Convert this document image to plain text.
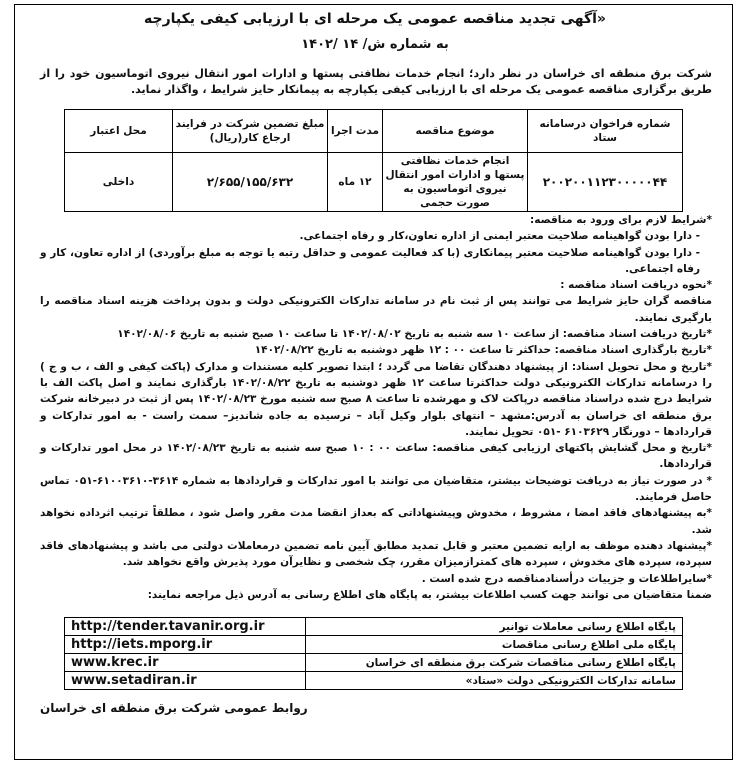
«آگهی تجدید مناقصه عمومی یک مرحله ای با ارزیابی کیفی یکپارچه
به شماره ش/ ۱۴ /۱۴۰۲
شرکت برق منطقه ای خراسان در نظر دارد؛ انجام خدمات نظافتی پستها و ادارات امور انتقال نیروی اتوماسیون خود را از طریق برگزاری مناقصه عمومی یک مرحله ای با ارزیابی کیفی یکپارچه به پیمانکار حایز شرایط ، واگذار نماید.
شماره فراخوان درسامانه ستاد	موضوع مناقصه	مدت اجرا	مبلغ تضمین شرکت در فرایند ارجاع کار(ریال)	محل اعتبار
۲۰۰۲۰۰۱۱۲۳۰۰۰۰۰۴۴	انجام خدمات نظافتی پستها و ادارات امور انتقال نیروی اتوماسیون به صورت حجمی	۱۲ ماه	۲/۶۵۵/۱۵۵/۶۳۲	داخلی

*شرایط لازم برای ورود به مناقصه:

- دارا بودن گواهینامه صلاحیت معتبر ایمنی از اداره تعاون،کار و رفاه اجتماعی.

- دارا بودن گواهینامه صلاحیت معتبر پیمانکاری (با کد فعالیت عمومی و حداقل رتبه یا توجه به مبلغ برآوردی) از اداره تعاون، کار و رفاه اجتماعی.

*نحوه دریافت اسناد مناقصه :

مناقصه گران حایز شرایط می توانند پس از ثبت نام در سامانه تدارکات الکترونیکی دولت و بدون پرداخت هزینه اسناد مناقصه را بارگیری نمایند.

*تاریخ دریافت اسناد مناقصه: از ساعت ۱۰ سه شنبه به تاریخ ۱۴۰۲/۰۸/۰۲ تا ساعت ۱۰ صبح شنبه به تاریخ ۱۴۰۲/۰۸/۰۶

*تاریخ بارگذاری اسناد مناقصه: حداکثر تا ساعت ۰۰ : ۱۲ ظهر دوشنبه به تاریخ ۱۴۰۲/۰۸/۲۲

*تاریخ و محل تحویل اسناد: از پیشنهاد دهندگان تقاضا می گردد ؛ ابتدا تصویر کلیه مستندات و مدارک (پاکت کیفی و الف ، ب و ج ) را درسامانه تدارکات الکترونیکی دولت حداکثرتا ساعت ۱۲ ظهر دوشنبه به تاریخ ۱۴۰۲/۰۸/۲۲ بارگذاری نمایند و اصل پاکت الف با شرایط درج شده دراسناد مناقصه درپاکت لاک و مهرشده تا ساعت ۸ صبح سه شنبه مورخ ۱۴۰۲/۰۸/۲۳ پس از ثبت در دبیرخانه شرکت برق منطقه ای خراسان به آدرس:مشهد – انتهای بلوار وکیل آباد – ترسیده به جاده شاندیز– سمت راست - به امور تدارکات و قراردادها – دورنگار ۶۱۰۳۶۲۹ -۰۵۱ تحویل نمایند.

*تاریخ و محل گشایش پاکتهای ارزیابی کیفی مناقصه: ساعت ۰۰ : ۱۰ صبح سه شنبه به تاریخ ۱۴۰۲/۰۸/۲۳ در محل امور تدارکات و قراردادها.

* در صورت نیاز به دریافت توضیحات بیشتر، متقاضیان می توانند با امور تدارکات و قراردادها به شماره ۳۶۱۴-۶۱۰۰۳۶۱۰-۰۵۱ تماس حاصل فرمایند.

*به پیشنهادهای فاقد امضا ، مشروط ، مخدوش وپیشنهاداتی که بعداز انقضا مدت مقرر واصل شود ، مطلقاً ترتیب اثرداده نخواهد شد.

*پیشنهاد دهنده موظف به ارایه تضمین معتبر و قابل تمدید مطابق آیین نامه تضمین درمعاملات دولتی می باشد و پیشنهادهای فاقد سپرده، سپرده های مخدوش ، سپرده های کمترازمیزان مقرر، چک شخصی و نظایرآن مورد پذیرش واقع نخواهد شد.

*سایراطلاعات و جزییات درأسنادمناقصه درج شده است .

ضمنا متقاضیان می توانند جهت کسب اطلاعات بیشتر، به پایگاه های اطلاع رسانی به آدرس ذیل مراجعه نمایند:

پایگاه اطلاع رسانی معاملات توانیر	http://tender.tavanir.org.ir
پایگاه ملی اطلاع رسانی مناقصات	http://iets.mporg.ir
پایگاه اطلاع رسانی مناقصات شرکت برق منطقه ای خراسان	www.krec.ir
سامانه تدارکات الکترونیکی دولت «ستاد»	www.setadiran.ir
روابط عمومی شرکت برق منطقه ای خراسان
